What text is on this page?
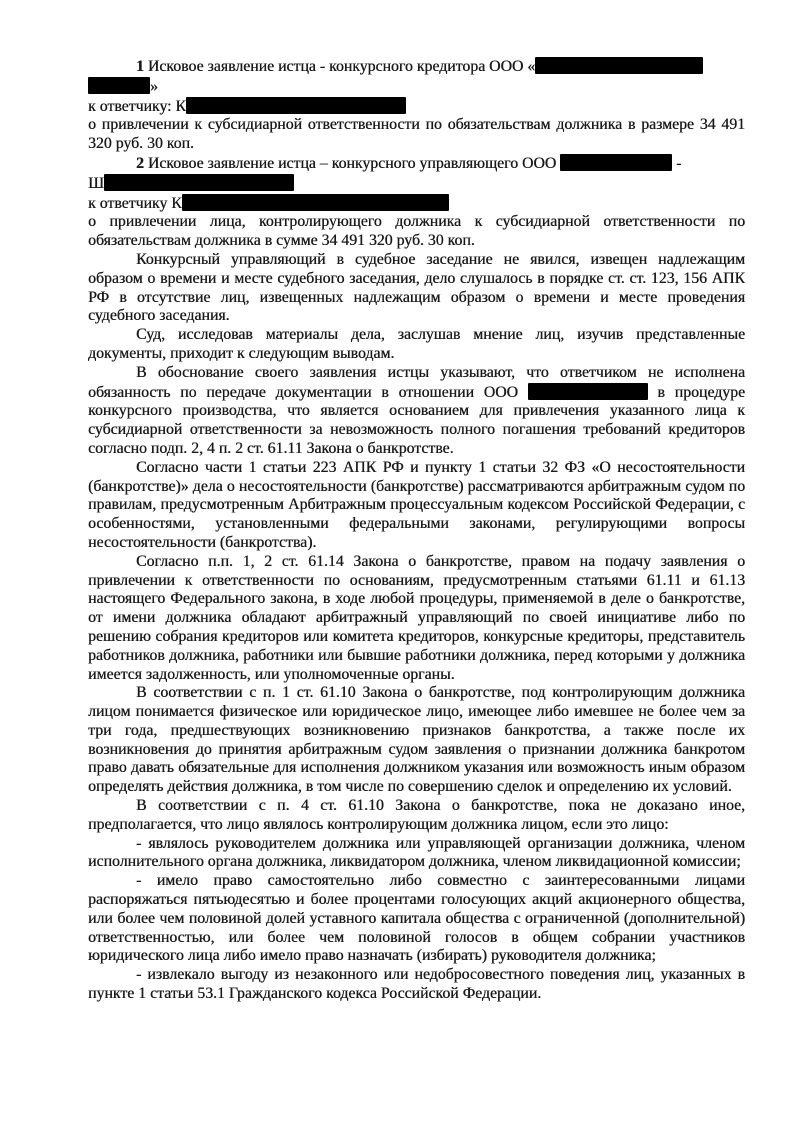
1 Исковое заявление истца - конкурсного кредитора ООО «
»
к ответчику: К
о привлечении к субсидиарной ответственности по обязательствам должника в размере 34 491 320 руб. 30 коп.
2 Исковое заявление истца – конкурсного управляющего ООО	-
Ш
к ответчику К
о привлечении лица, контролирующего должника к субсидиарной ответственности по обязательствам должника в сумме 34 491 320 руб. 30 коп.
Конкурсный управляющий в судебное заседание не явился, извещен надлежащим образом о времени и месте судебного заседания, дело слушалось в порядке ст. ст. 123, 156 АПК РФ в отсутствие лиц, извещенных надлежащим образом о времени и месте проведения судебного заседания.
Суд, исследовав материалы дела, заслушав мнение лиц, изучив представленные документы, приходит к следующим выводам.
В обоснование своего заявления истцы указывают, что ответчиком не исполнена обязанность по передаче документации в отношении ООО	в процедуре конкурсного производства, что является основанием для привлечения указанного лица к субсидиарной ответственности за невозможность полного погашения требований кредиторов согласно подп. 2, 4 п. 2 ст. 61.11 Закона о банкротстве.
Согласно части 1 статьи 223 АПК РФ и пункту 1 статьи 32 ФЗ «О несостоятельности (банкротстве)» дела о несостоятельности (банкротстве) рассматриваются арбитражным судом по правилам, предусмотренным Арбитражным процессуальным кодексом Российской Федерации, с особенностями, установленными федеральными законами, регулирующими вопросы несостоятельности (банкротства).
Согласно п.п. 1, 2 ст. 61.14 Закона о банкротстве, правом на подачу заявления о привлечении к ответственности по основаниям, предусмотренным статьями 61.11 и 61.13 настоящего Федерального закона, в ходе любой процедуры, применяемой в деле о банкротстве, от имени должника обладают арбитражный управляющий по своей инициативе либо по решению собрания кредиторов или комитета кредиторов, конкурсные кредиторы, представитель работников должника, работники или бывшие работники должника, перед которыми у должника имеется задолженность, или уполномоченные органы.
В соответствии с п. 1 ст. 61.10 Закона о банкротстве, под контролирующим должника лицом понимается физическое или юридическое лицо, имеющее либо имевшее не более чем за три года, предшествующих возникновению признаков банкротства, а также после их возникновения до принятия арбитражным судом заявления о признании должника банкротом право давать обязательные для исполнения должником указания или возможность иным образом определять действия должника, в том числе по совершению сделок и определению их условий.
В соответствии с п. 4 ст. 61.10 Закона о банкротстве, пока не доказано иное, предполагается, что лицо являлось контролирующим должника лицом, если это лицо:
- являлось руководителем должника или управляющей организации должника, членом исполнительного органа должника, ликвидатором должника, членом ликвидационной комиссии;
- имело право самостоятельно либо совместно с заинтересованными лицами распоряжаться пятьюдесятью и более процентами голосующих акций акционерного общества, или более чем половиной долей уставного капитала общества с ограниченной (дополнительной) ответственностью, или более чем половиной голосов в общем собрании участников юридического лица либо имело право назначать (избирать) руководителя должника;
- извлекало выгоду из незаконного или недобросовестного поведения лиц, указанных в пункте 1 статьи 53.1 Гражданского кодекса Российской Федерации.
